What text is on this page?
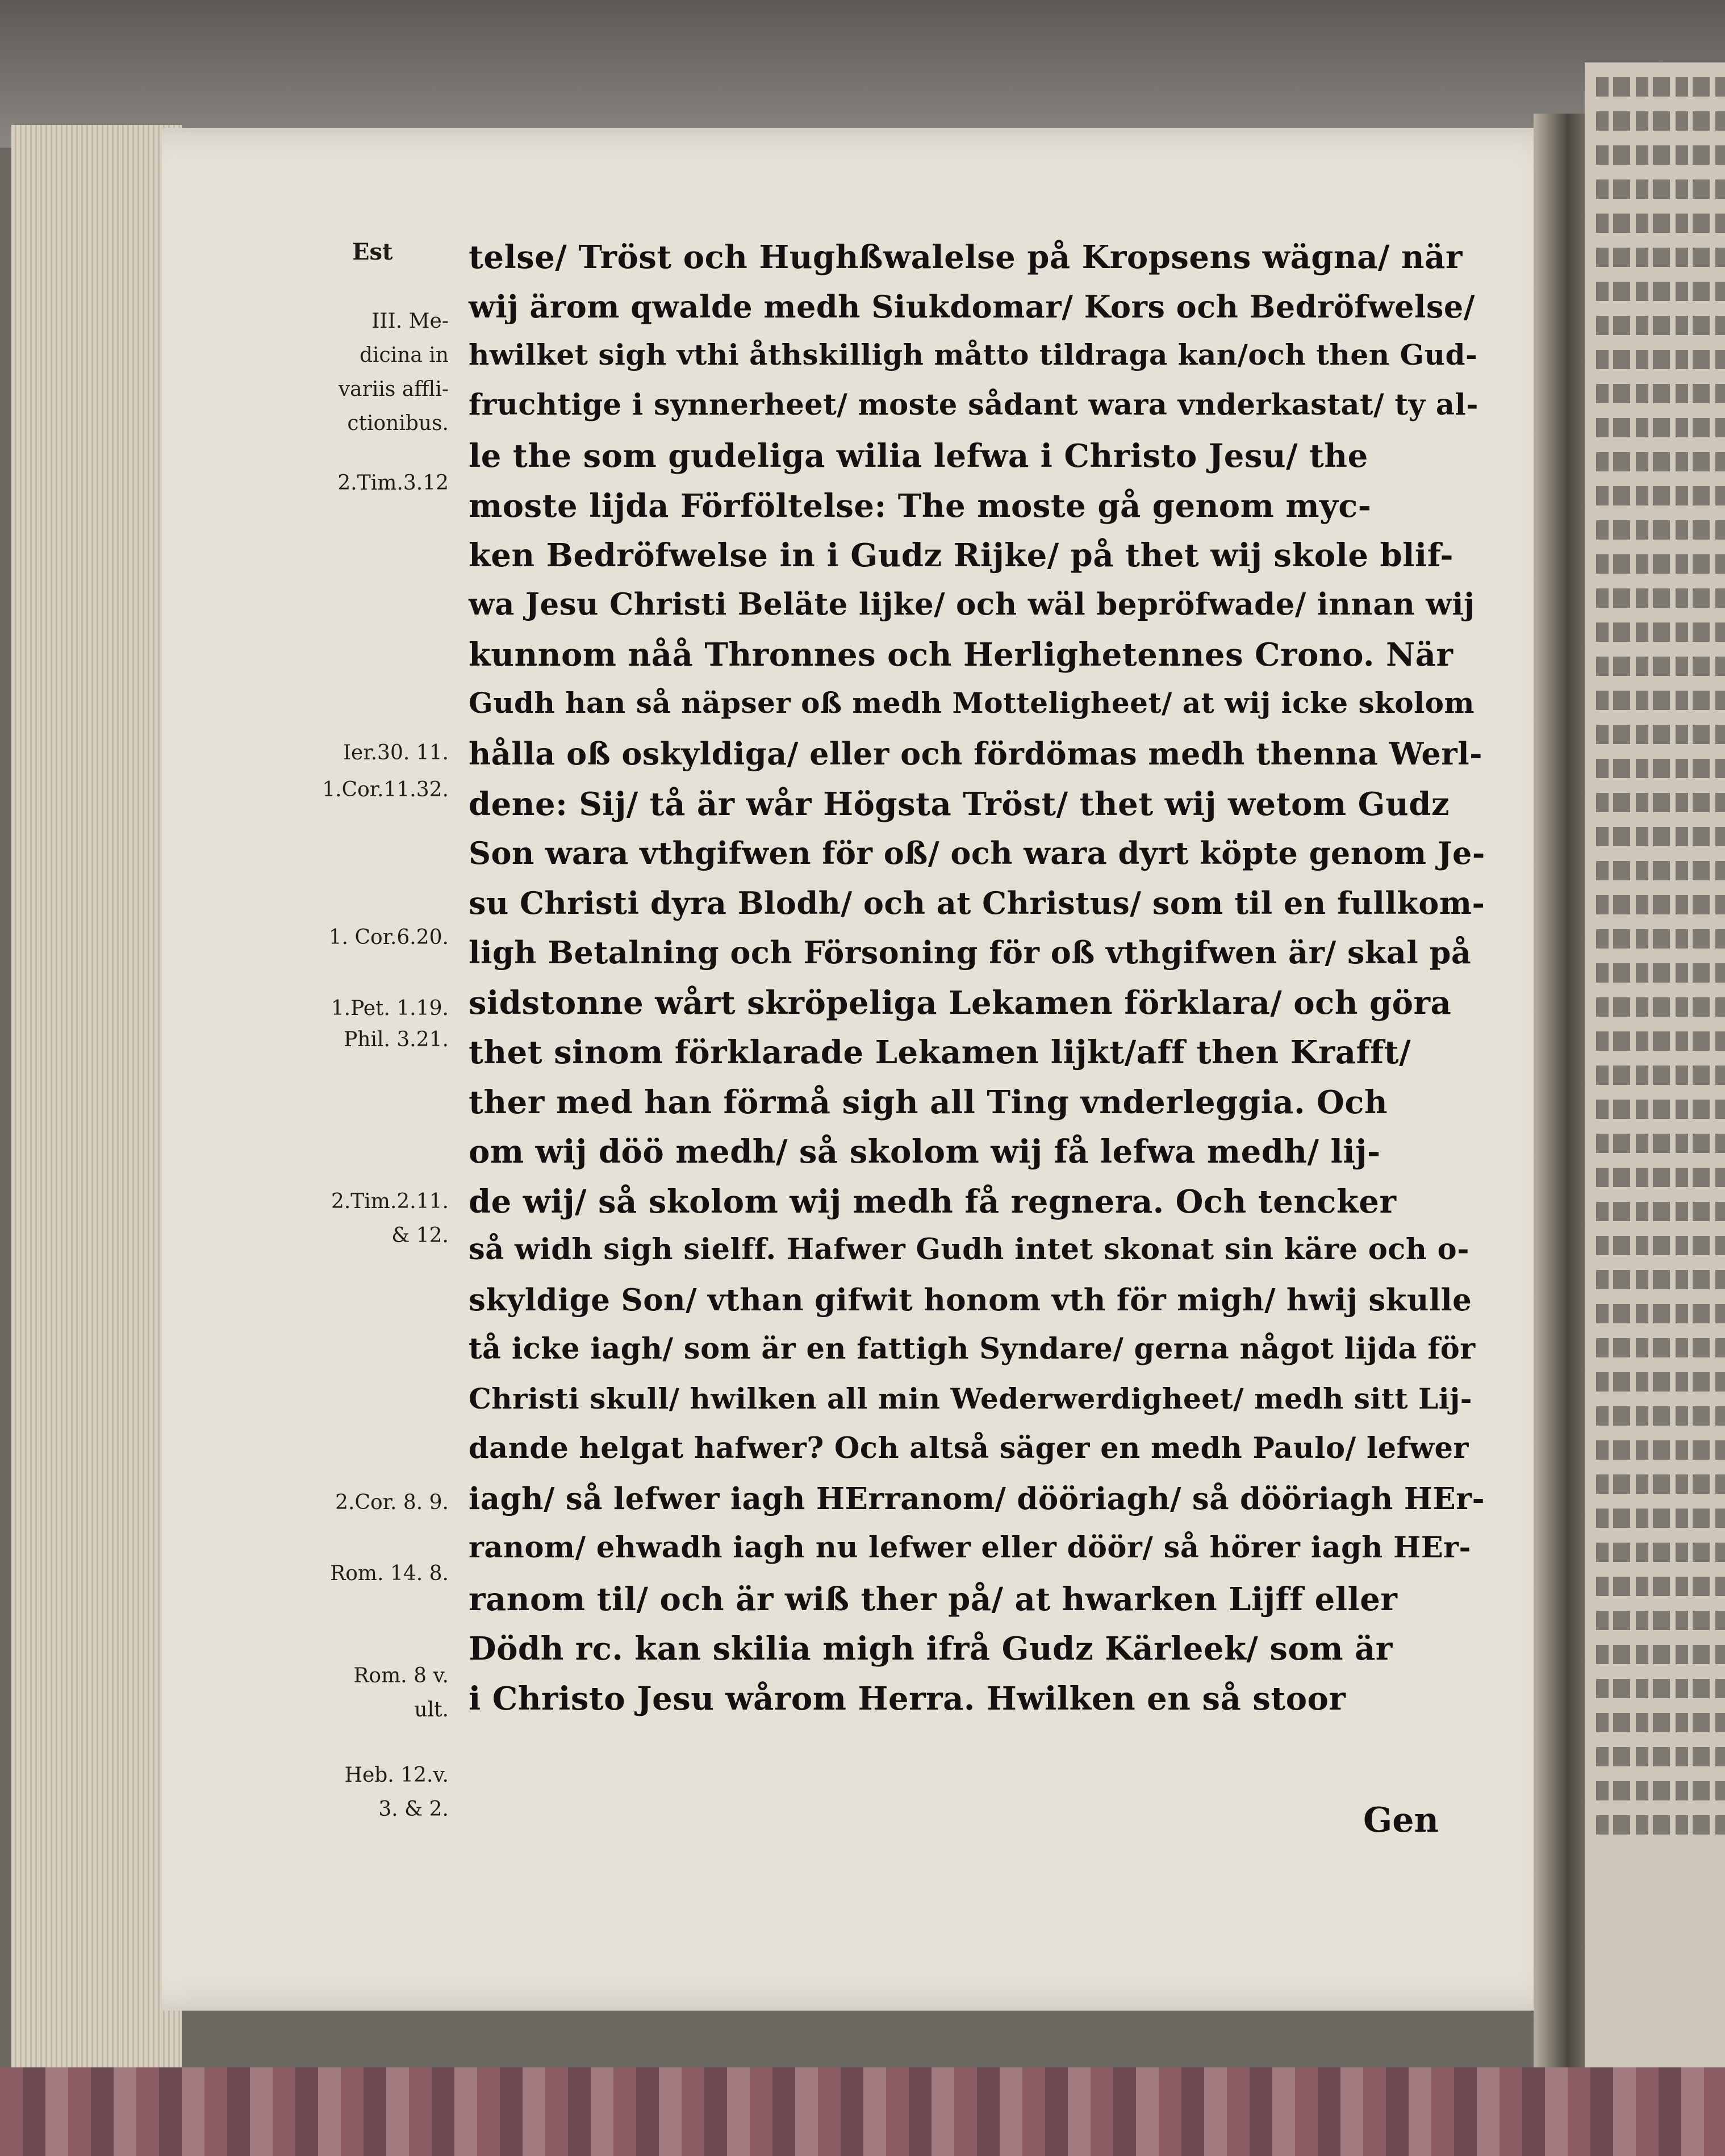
Est
III. Me-
dicina in
variis affli-
ctionibus.
2.Tim.3.12
Ier.30. 11.
1.Cor.11.32.
1. Cor.6.20.
1.Pet. 1.19.
Phil. 3.21.
2.Tim.2.11.
& 12.
2.Cor. 8. 9.
Rom. 14. 8.
Rom. 8 v.
ult.
Heb. 12.v.
3. & 2.
telse/ Tröst och Hughßwalelse på Kropsens wägna/ när
wij ärom qwalde medh Siukdomar/ Kors och Bedröfwelse/
hwilket sigh vthi åthskilligh måtto tildraga kan/och then Gud-
fruchtige i synnerheet/ moste sådant wara vnderkastat/ ty al-
le the som gudeliga wilia lefwa i Christo Jesu/ the
moste lijda Förföltelse: The moste gå genom myc-
ken Bedröfwelse in i Gudz Rijke/ på thet wij skole blif-
wa Jesu Christi Beläte lijke/ och wäl bepröfwade/ innan wij
kunnom nåå Thronnes och Herlighetennes Crono. När
Gudh han så näpser oß medh Motteligheet/ at wij icke skolom
hålla oß oskyldiga/ eller och fördömas medh thenna Werl-
dene: Sij/ tå är wår Högsta Tröst/ thet wij wetom Gudz
Son wara vthgifwen för oß/ och wara dyrt köpte genom Je-
su Christi dyra Blodh/ och at Christus/ som til en fullkom-
ligh Betalning och Försoning för oß vthgifwen är/ skal på
sidstonne wårt skröpeliga Lekamen förklara/ och göra
thet sinom förklarade Lekamen lijkt/aff then Krafft/
ther med han förmå sigh all Ting vnderleggia. Och
om wij döö medh/ så skolom wij få lefwa medh/ lij-
de wij/ så skolom wij medh få regnera. Och tencker
så widh sigh sielff. Hafwer Gudh intet skonat sin käre och o-
skyldige Son/ vthan gifwit honom vth för migh/ hwij skulle
tå icke iagh/ som är en fattigh Syndare/ gerna något lijda för
Christi skull/ hwilken all min Wederwerdigheet/ medh sitt Lij-
dande helgat hafwer? Och altså säger en medh Paulo/ lefwer
iagh/ så lefwer iagh HErranom/ dööriagh/ så dööriagh HEr-
ranom/ ehwadh iagh nu lefwer eller döör/ så hörer iagh HEr-
ranom til/ och är wiß ther på/ at hwarken Lijff eller
Dödh rc. kan skilia migh ifrå Gudz Kärleek/ som är
i Christo Jesu wårom Herra. Hwilken en så stoor
Gen
